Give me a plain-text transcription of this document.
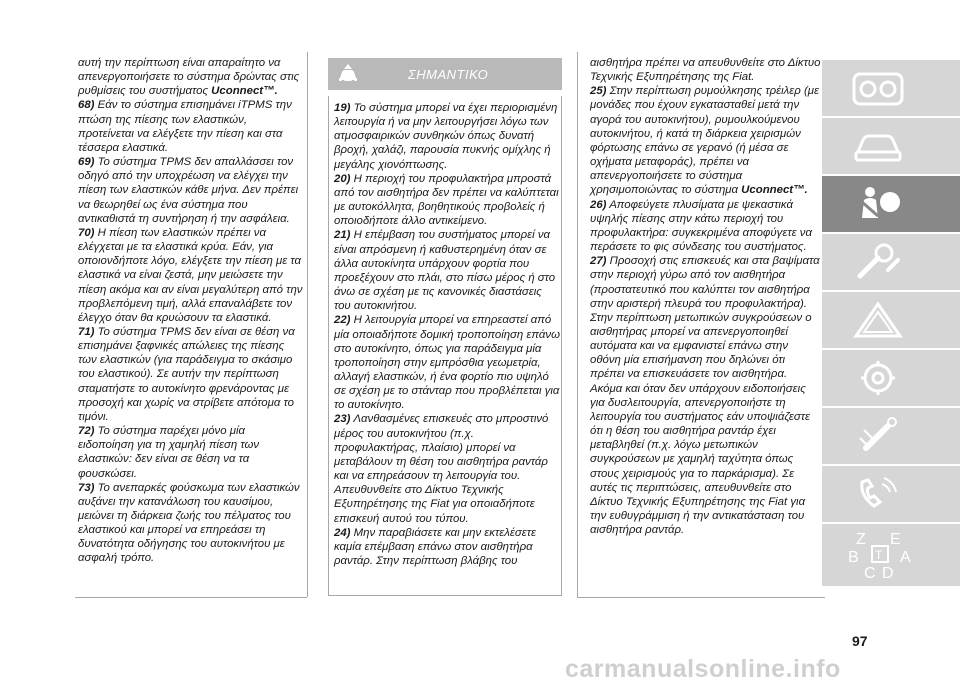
αυτή την περίπτωση είναι απαραίτητο να απενεργοποιήσετε το σύστημα δρώντας στις ρυθμίσεις του συστήματος Uconnect™.

68) Εάν το σύστημα επισημάνει iTPMS την πτώση της πίεσης των ελαστικών, προτείνεται να ελέγξετε την πίεση και στα τέσσερα ελαστικά.

69) Το σύστημα TPMS δεν απαλλάσσει τον οδηγό από την υποχρέωση να ελέγχει την πίεση των ελαστικών κάθε μήνα. Δεν πρέπει να θεωρηθεί ως ένα σύστημα που αντικαθιστά τη συντήρηση ή την ασφάλεια.

70) Η πίεση των ελαστικών πρέπει να ελέγχεται με τα ελαστικά κρύα. Εάν, για οποιονδήποτε λόγο, ελέγξετε την πίεση με τα ελαστικά να είναι ζεστά, μην μειώσετε την πίεση ακόμα και αν είναι μεγαλύτερη από την προβλεπόμενη τιμή, αλλά επαναλάβετε τον έλεγχο όταν θα κρυώσουν τα ελαστικά.

71) Το σύστημα TPMS δεν είναι σε θέση να επισημάνει ξαφνικές απώλειες της πίεσης των ελαστικών (για παράδειγμα το σκάσιμο του ελαστικού). Σε αυτήν την περίπτωση σταματήστε το αυτοκίνητο φρενάροντας με προσοχή και χωρίς να στρίβετε απότομα το τιμόνι.

72) Το σύστημα παρέχει μόνο μία ειδοποίηση για τη χαμηλή πίεση των ελαστικών: δεν είναι σε θέση να τα φουσκώσει.

73) Το ανεπαρκές φούσκωμα των ελαστικών αυξάνει την κατανάλωση του καυσίμου, μειώνει τη διάρκεια ζωής του πέλματος του ελαστικού και μπορεί να επηρεάσει τη δυνατότητα οδήγησης του αυτοκινήτου με ασφαλή τρόπο.

ΣΗΜΑΝΤΙΚΟ

19) Το σύστημα μπορεί να έχει περιορισμένη λειτουργία ή να μην λειτουργήσει λόγω των ατμοσφαιρικών συνθηκών όπως δυνατή βροχή, χαλάζι, παρουσία πυκνής ομίχλης ή μεγάλης χιονόπτωσης.

20) Η περιοχή του προφυλακτήρα μπροστά από τον αισθητήρα δεν πρέπει να καλύπτεται με αυτοκόλλητα, βοηθητικούς προβολείς ή οποιοδήποτε άλλο αντικείμενο.

21) Η επέμβαση του συστήματος μπορεί να είναι απρόσμενη ή καθυστερημένη όταν σε άλλα αυτοκίνητα υπάρχουν φορτία που προεξέχουν στο πλάι, στο πίσω μέρος ή στο άνω σε σχέση με τις κανονικές διαστάσεις του αυτοκινήτου.

22) Η λειτουργία μπορεί να επηρεαστεί από μία οποιαδήποτε δομική τροποποίηση επάνω στο αυτοκίνητο, όπως για παράδειγμα μία τροποποίηση στην εμπρόσθια γεωμετρία, αλλαγή ελαστικών, ή ένα φορτίο πιο υψηλό σε σχέση με το στάνταρ που προβλέπεται για το αυτοκίνητο.

23) Λανθασμένες επισκευές στο μπροστινό μέρος του αυτοκινήτου (π.χ. προφυλακτήρας, πλαίσιο) μπορεί να μεταβάλουν τη θέση του αισθητήρα ραντάρ και να επηρεάσουν τη λειτουργία του. Απευθυνθείτε στο Δίκτυο Τεχνικής Εξυπηρέτησης της Fiat για οποιαδήποτε επισκευή αυτού του τύπου.

24) Μην παραβιάσετε και μην εκτελέσετε καμία επέμβαση επάνω στον αισθητήρα ραντάρ. Στην περίπτωση βλάβης του

αισθητήρα πρέπει να απευθυνθείτε στο Δίκτυο Τεχνικής Εξυπηρέτησης της Fiat.

25) Στην περίπτωση ρυμούλκησης τρέιλερ (με μονάδες που έχουν εγκατασταθεί μετά την αγορά του αυτοκινήτου), ρυμουλκούμενου αυτοκινήτου, ή κατά τη διάρκεια χειρισμών φόρτωσης επάνω σε γερανό (ή μέσα σε οχήματα μεταφοράς), πρέπει να απενεργοποιήσετε το σύστημα χρησιμοποιώντας το σύστημα Uconnect™.

26) Αποφεύγετε πλυσίματα με ψεκαστικά υψηλής πίεσης στην κάτω περιοχή του προφυλακτήρα: συγκεκριμένα αποφύγετε να περάσετε το φις σύνδεσης του συστήματος.

27) Προσοχή στις επισκευές και στα βαψίματα στην περιοχή γύρω από τον αισθητήρα (προστατευτικό που καλύπτει τον αισθητήρα στην αριστερή πλευρά του προφυλακτήρα). Στην περίπτωση μετωπικών συγκρούσεων ο αισθητήρας μπορεί να απενεργοποιηθεί αυτόματα και να εμφανιστεί επάνω στην οθόνη μία επισήμανση που δηλώνει ότι πρέπει να επισκευάσετε τον αισθητήρα. Ακόμα και όταν δεν υπάρχουν ειδοποιήσεις για δυσλειτουργία, απενεργοποιήστε τη λειτουργία του συστήματος εάν υποψιάζεστε ότι η θέση του αισθητήρα ραντάρ έχει μεταβληθεί (π.χ. λόγω μετωπικών συγκρούσεων με χαμηλή ταχύτητα όπως στους χειρισμούς για το παρκάρισμα). Σε αυτές τις περιπτώσεις, απευθυνθείτε στο Δίκτυο Τεχνικής Εξυπηρέτησης της Fiat για την ευθυγράμμιση ή την αντικατάσταση του αισθητήρα ραντάρ.

Z E
B	A
C D
T
97
carmanualsonline.info
